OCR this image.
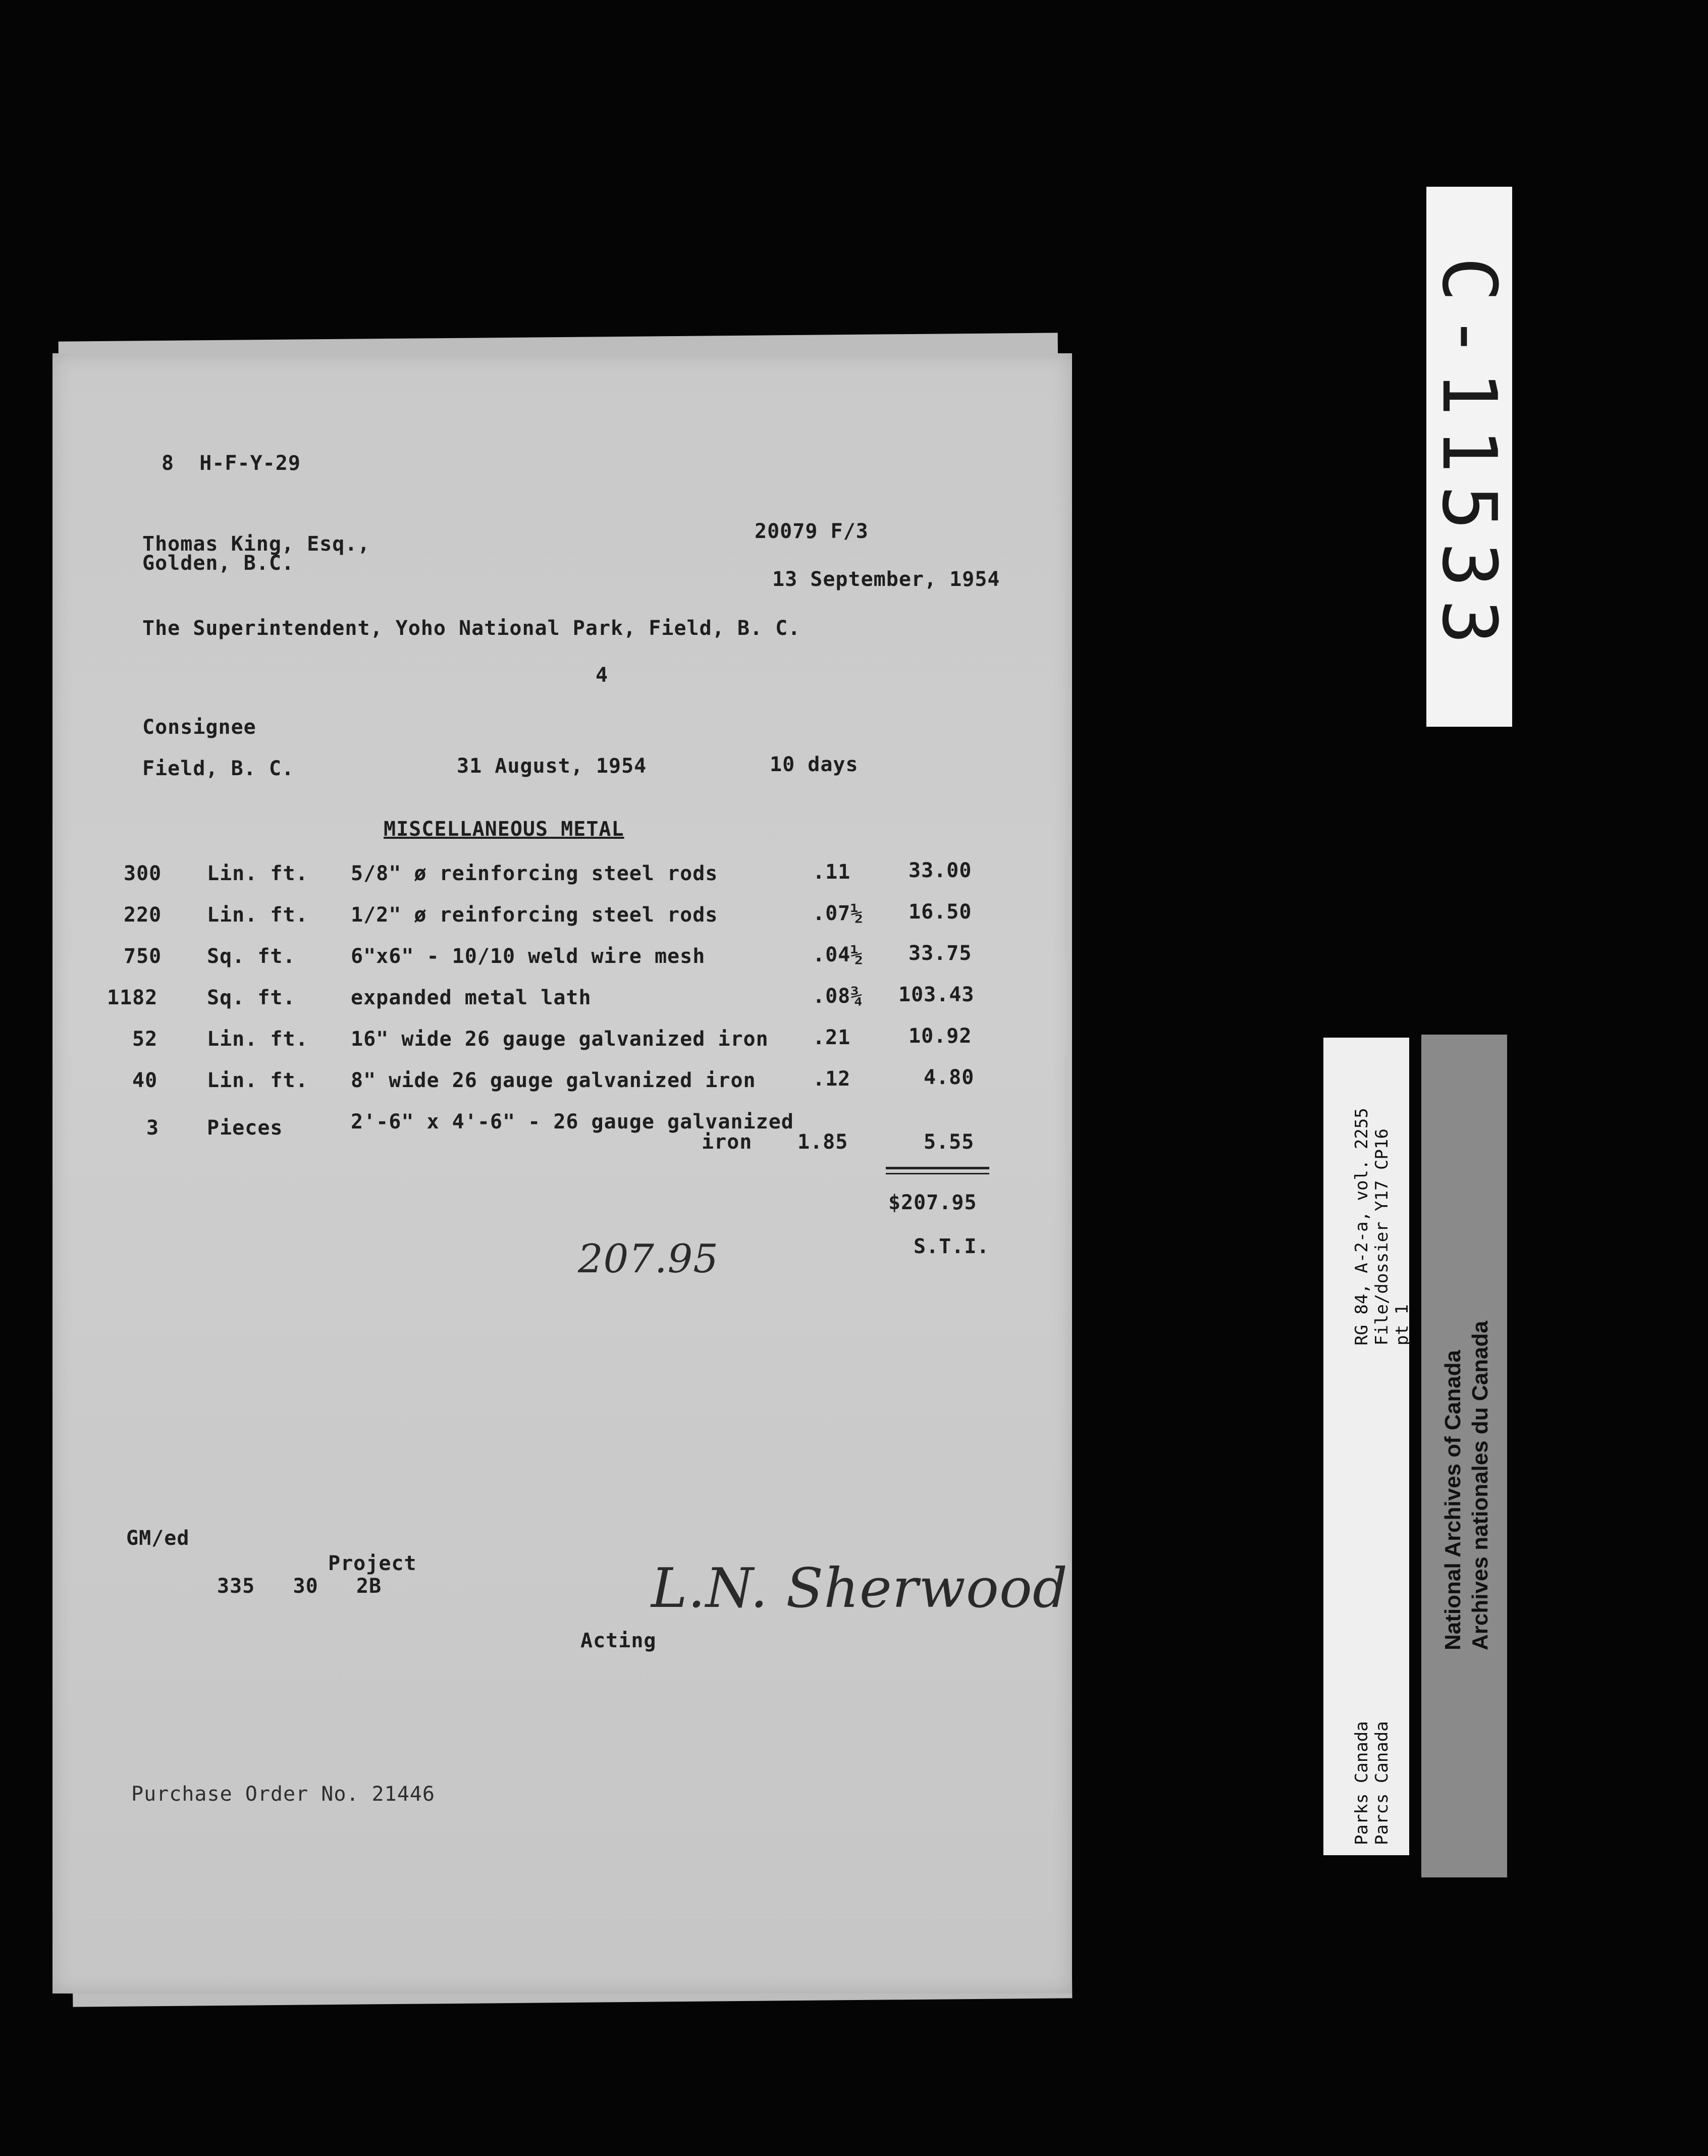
8  H-F-Y-29
20079 F/3
Thomas King, Esq.,
Golden, B.C.
13 September, 1954
The Superintendent, Yoho National Park, Field, B. C.
4
Consignee
Field, B. C.	31 August, 1954	10 days
MISCELLANEOUS METAL
300 Lin. ft. 5/8" ø reinforcing steel rods	.11	33.00
220 Lin. ft. 1/2" ø reinforcing steel rods	.07½ 16.50
750 Sq. ft.	6"x6" - 10/10 weld wire mesh	.04½ 33.75
1182 Sq. ft.	expanded metal lath	.08¾ 103.43
52 Lin. ft. 16" wide 26 gauge galvanized iron .21	10.92
40 Lin. ft. 8" wide 26 gauge galvanized iron	.12	4.80
3 Pieces	2'-6" x 4'-6" - 26 gauge galvanized
iron 1.85	5.55
$207.95
S.T.I.
207.95
GM/ed
Project
335   30   2B	L.N. Sherwood
Acting
Purchase Order No. 21446
C-11533
RG 84, A-2-a, vol. 2255 File/dossier Y17 CP16 pt 1
Parks Canada Parcs Canada
National Archives of Canada Archives nationales du Canada
